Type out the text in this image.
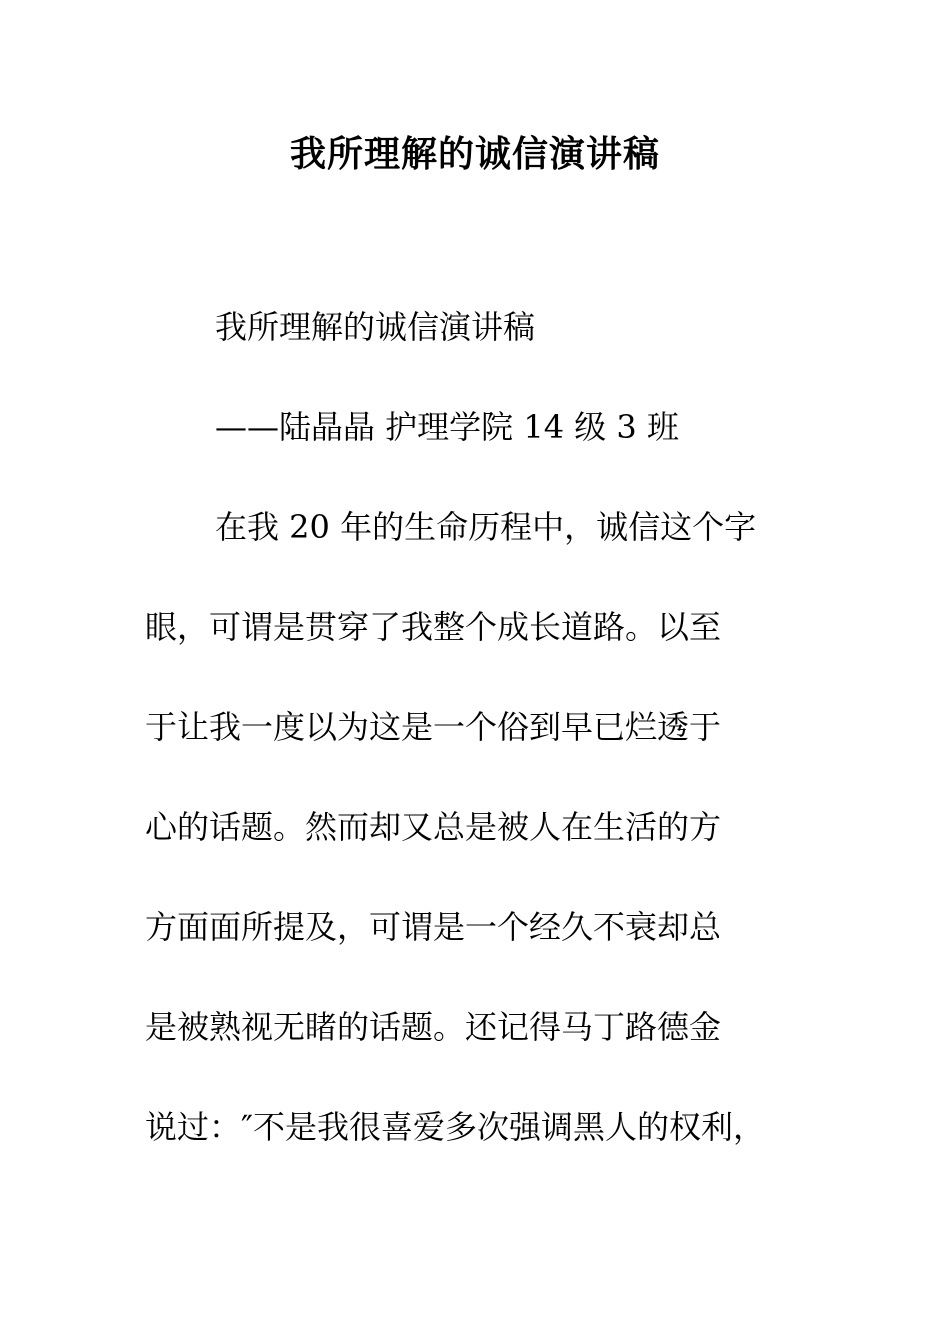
我所理解的诚信演讲稿
我所理解的诚信演讲稿
——陆晶晶 护理学院 14 级 3 班
在我 20 年的生命历程中，诚信这个字
眼，可谓是贯穿了我整个成长道路。以至
于让我一度以为这是一个俗到早已烂透于
心的话题。然而却又总是被人在生活的方
方面面所提及，可谓是一个经久不衰却总
是被熟视无睹的话题。还记得马丁路德金
说过：″不是我很喜爱多次强调黑人的权利，
